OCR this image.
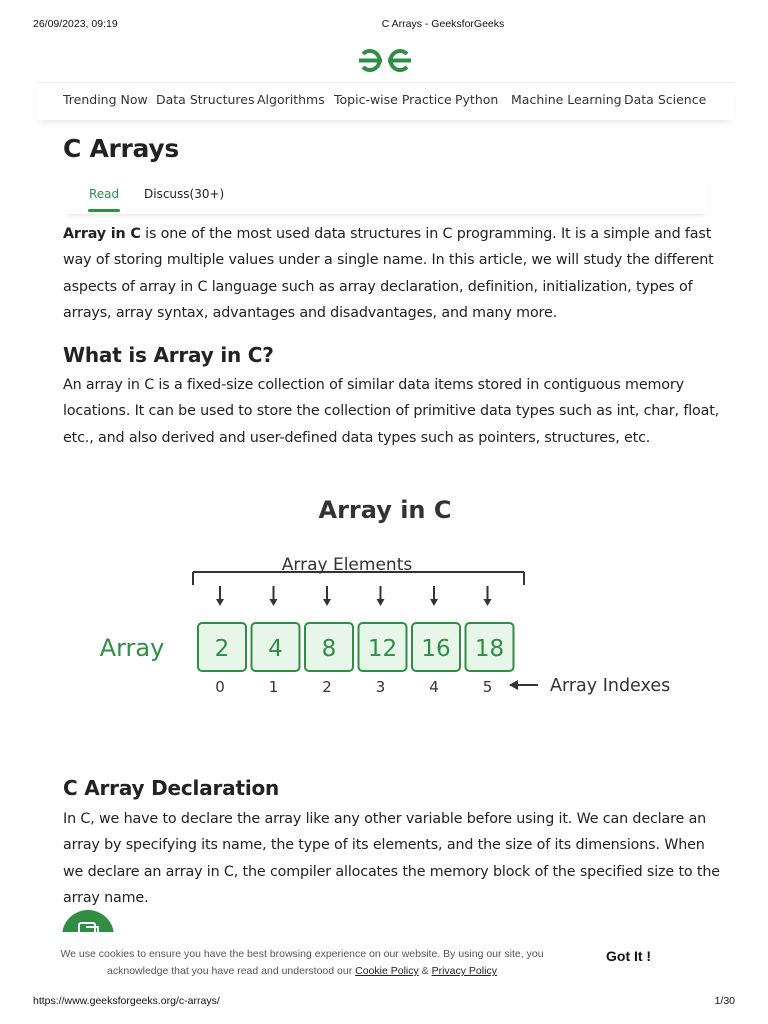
26/09/2023, 09:19	C Arrays - GeeksforGeeks
Trending Now Data Structures Algorithms Topic-wise Practice Python Machine Learning Data Science
C Arrays
Read Discuss(30+)

Array in C is one of the most used data structures in C programming. It is a simple and fast way of storing multiple values under a single name. In this article, we will study the different aspects of array in C language such as array declaration, definition, initialization, types of arrays, array syntax, advantages and disadvantages, and many more.

What is Array in C?

An array in C is a fixed-size collection of similar data items stored in contiguous memory locations. It can be used to store the collection of primitive data types such as int, char, float, etc., and also derived and user-defined data types such as pointers, structures, etc.

Array in C
Array Elements
Array 2 4 8 12 16 18
0	1	2	3	4	5	Array Indexes
C Array Declaration

In C, we have to declare the array like any other variable before using it. We can declare an array by specifying its name, the type of its elements, and the size of its dimensions. When we declare an array in C, the compiler allocates the memory block of the specified size to the array name.

We use cookies to ensure you have the best browsing experience on our website. By using our site, you acknowledge that you have read and understood our Cookie Policy & Privacy Policy
Got It !
https://www.geeksforgeeks.org/c-arrays/	1/30
